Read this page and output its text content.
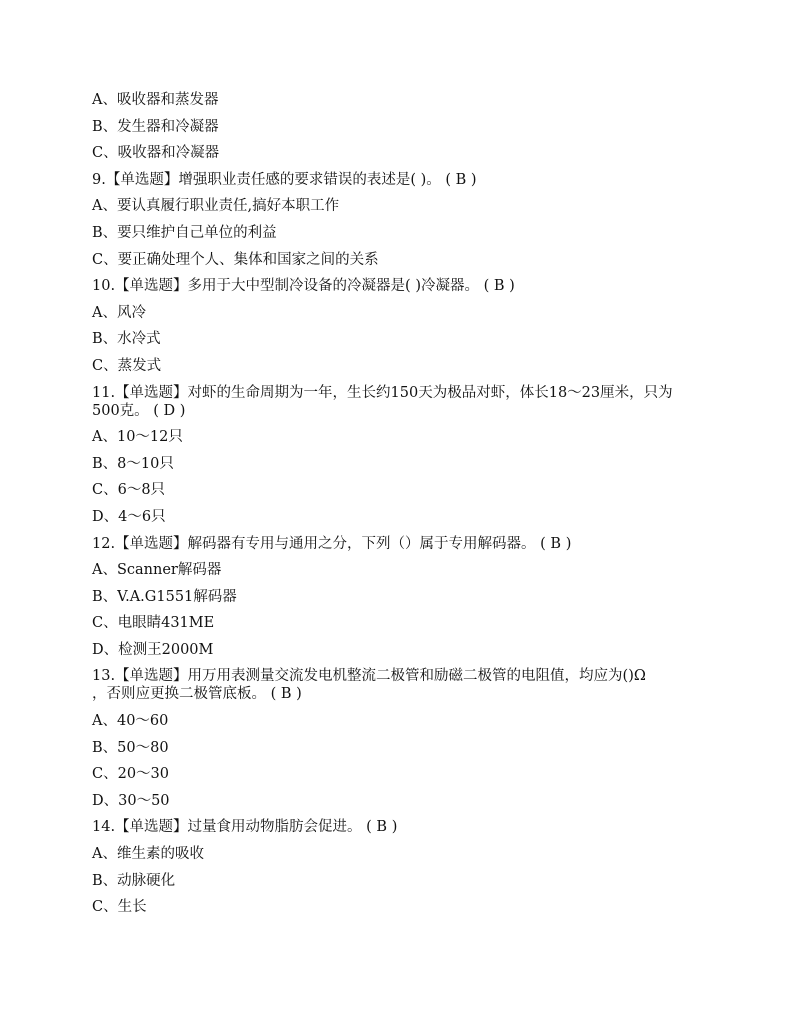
A、吸收器和蒸发器

B、发生器和冷凝器

C、吸收器和冷凝器

9.【单选题】增强职业责任感的要求错误的表述是( )。 ( B )

A、要认真履行职业责任,搞好本职工作

B、要只维护自己单位的利益

C、要正确处理个人、集体和国家之间的关系

10.【单选题】多用于大中型制冷设备的冷凝器是( )冷凝器。 ( B )

A、风冷

B、水冷式

C、蒸发式

11.【单选题】对虾的生命周期为一年，生长约150天为极品对虾，体长18～23厘米，只为

500克。 ( D )

A、10～12只

B、8～10只

C、6～8只

D、4～6只

12.【单选题】解码器有专用与通用之分，下列（）属于专用解码器。 ( B )

A、Scanner解码器

B、V.A.G1551解码器

C、电眼睛431ME

D、检测王2000M

13.【单选题】用万用表测量交流发电机整流二极管和励磁二极管的电阻值，均应为()Ω

，否则应更换二极管底板。 ( B )

A、40～60

B、50～80

C、20～30

D、30～50

14.【单选题】过量食用动物脂肪会促进。 ( B )

A、维生素的吸收

B、动脉硬化

C、生长
